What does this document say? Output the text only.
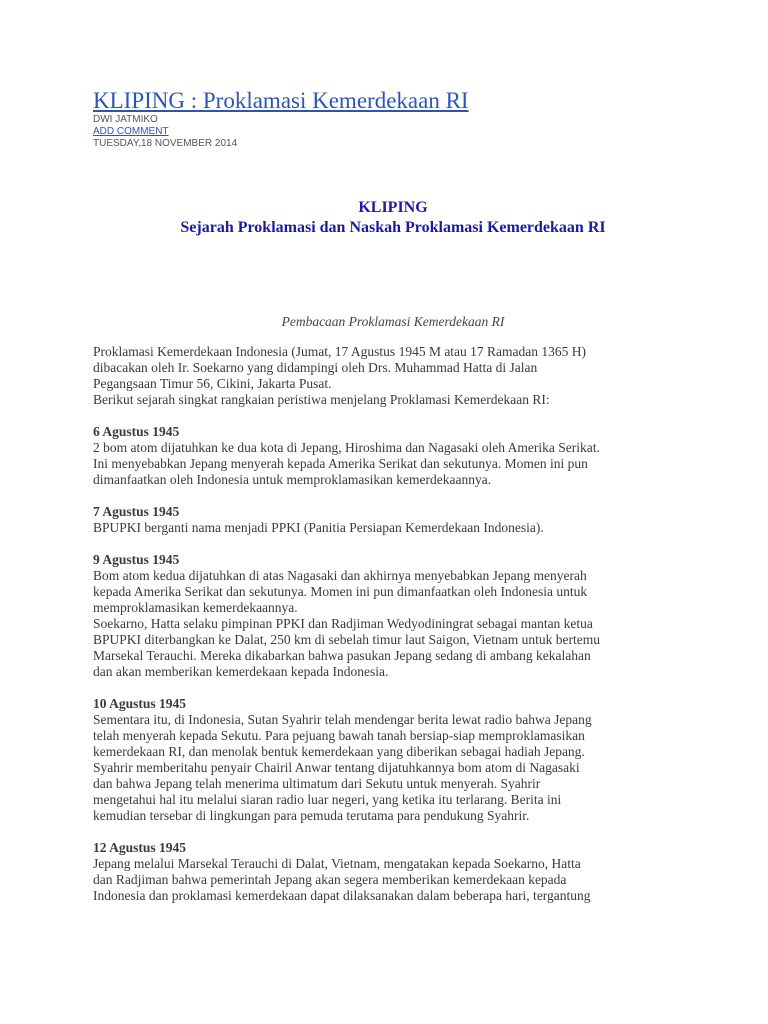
KLIPING : Proklamasi Kemerdekaan RI
DWI JATMIKO
ADD COMMENT
TUESDAY,18 NOVEMBER 2014
KLIPING
Sejarah Proklamasi dan Naskah Proklamasi Kemerdekaan RI
Pembacaan Proklamasi Kemerdekaan RI
Proklamasi Kemerdekaan Indonesia (Jumat, 17 Agustus 1945 M atau 17 Ramadan 1365 H)
dibacakan oleh Ir. Soekarno yang didampingi oleh Drs. Muhammad Hatta di Jalan
Pegangsaan Timur 56, Cikini, Jakarta Pusat.
Berikut sejarah singkat rangkaian peristiwa menjelang Proklamasi Kemerdekaan RI:
6 Agustus 1945
2 bom atom dijatuhkan ke dua kota di Jepang, Hiroshima dan Nagasaki oleh Amerika Serikat.
Ini menyebabkan Jepang menyerah kepada Amerika Serikat dan sekutunya. Momen ini pun
dimanfaatkan oleh Indonesia untuk memproklamasikan kemerdekaannya.
7 Agustus 1945
BPUPKI berganti nama menjadi PPKI (Panitia Persiapan Kemerdekaan Indonesia).
9 Agustus 1945
Bom atom kedua dijatuhkan di atas Nagasaki dan akhirnya menyebabkan Jepang menyerah
kepada Amerika Serikat dan sekutunya. Momen ini pun dimanfaatkan oleh Indonesia untuk
memproklamasikan kemerdekaannya.
Soekarno, Hatta selaku pimpinan PPKI dan Radjiman Wedyodiningrat sebagai mantan ketua
BPUPKI diterbangkan ke Dalat, 250 km di sebelah timur laut Saigon, Vietnam untuk bertemu
Marsekal Terauchi. Mereka dikabarkan bahwa pasukan Jepang sedang di ambang kekalahan
dan akan memberikan kemerdekaan kepada Indonesia.
10 Agustus 1945
Sementara itu, di Indonesia, Sutan Syahrir telah mendengar berita lewat radio bahwa Jepang
telah menyerah kepada Sekutu. Para pejuang bawah tanah bersiap-siap memproklamasikan
kemerdekaan RI, dan menolak bentuk kemerdekaan yang diberikan sebagai hadiah Jepang.
Syahrir memberitahu penyair Chairil Anwar tentang dijatuhkannya bom atom di Nagasaki
dan bahwa Jepang telah menerima ultimatum dari Sekutu untuk menyerah. Syahrir
mengetahui hal itu melalui siaran radio luar negeri, yang ketika itu terlarang. Berita ini
kemudian tersebar di lingkungan para pemuda terutama para pendukung Syahrir.
12 Agustus 1945
Jepang melalui Marsekal Terauchi di Dalat, Vietnam, mengatakan kepada Soekarno, Hatta
dan Radjiman bahwa pemerintah Jepang akan segera memberikan kemerdekaan kepada
Indonesia dan proklamasi kemerdekaan dapat dilaksanakan dalam beberapa hari, tergantung
